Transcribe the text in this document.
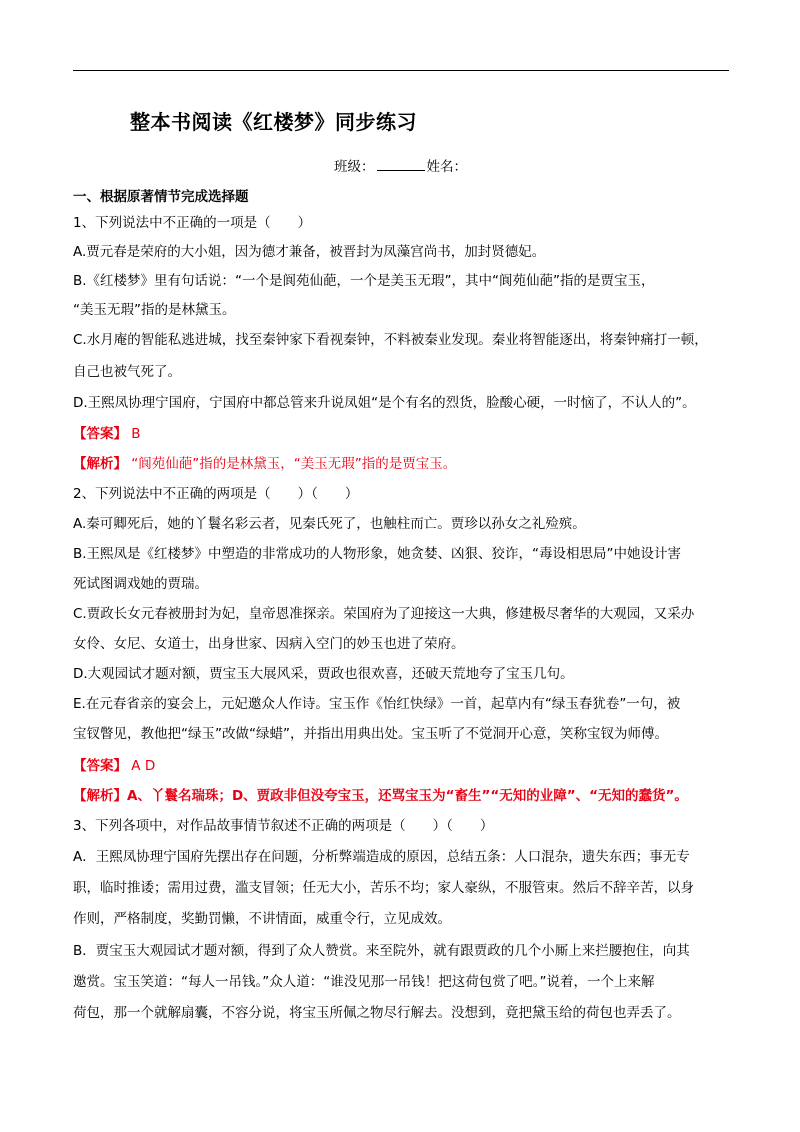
整本书阅读《红楼梦》同步练习
班级：	姓名：
一、根据原著情节完成选择题
1、下列说法中不正确的一项是（　　）
A.贾元春是荣府的大小姐，因为德才兼备，被晋封为凤藻宫尚书，加封贤德妃。
B.《红楼梦》里有句话说：“一个是阆苑仙葩，一个是美玉无瑕”，其中“阆苑仙葩”指的是贾宝玉，
“美玉无瑕”指的是林黛玉。
C.水月庵的智能私逃进城，找至秦钟家下看视秦钟，不料被秦业发现。秦业将智能逐出，将秦钟痛打一顿，
自己也被气死了。
D.王熙凤协理宁国府，宁国府中都总管来升说凤姐“是个有名的烈货，脸酸心硬，一时恼了，不认人的”。
【答案】 B
【解析】 “阆苑仙葩”指的是林黛玉，“美玉无瑕”指的是贾宝玉。
2、下列说法中不正确的两项是（　　）（　　）
A.秦可卿死后，她的丫鬟名彩云者，见秦氏死了，也触柱而亡。贾珍以孙女之礼殓殡。
B.王熙凤是《红楼梦》中塑造的非常成功的人物形象，她贪婪、凶狠、狡诈，“毒设相思局”中她设计害
死试图调戏她的贾瑞。
C.贾政长女元春被册封为妃，皇帝恩准探亲。荣国府为了迎接这一大典，修建极尽奢华的大观园，又采办
女伶、女尼、女道士，出身世家、因病入空门的妙玉也进了荣府。
D.大观园试才题对额，贾宝玉大展风采，贾政也很欢喜，还破天荒地夸了宝玉几句。
E.在元春省亲的宴会上，元妃邀众人作诗。宝玉作《怡红快绿》一首，起草内有“绿玉春犹卷”一句，被
宝钗瞥见，教他把“绿玉”改做“绿蜡”，并指出用典出处。宝玉听了不觉洞开心意，笑称宝钗为师傅。
【答案】 A D
【解析】A、丫鬟名瑞珠；D、贾政非但没夸宝玉，还骂宝玉为“畜生”“无知的业障”、“无知的蠢货”。
3、下列各项中，对作品故事情节叙述不正确的两项是（　　）（　　）
A．王熙凤协理宁国府先摆出存在问题，分析弊端造成的原因，总结五条：人口混杂，遗失东西；事无专
职，临时推诿；需用过费，滥支冒领；任无大小，苦乐不均；家人豪纵，不服管束。然后不辞辛苦，以身
作则，严格制度，奖勤罚懒，不讲情面，威重令行，立见成效。
B．贾宝玉大观园试才题对额，得到了众人赞赏。来至院外，就有跟贾政的几个小厮上来拦腰抱住，向其
邀赏。宝玉笑道：“每人一吊钱。”众人道：“谁没见那一吊钱！把这荷包赏了吧。”说着，一个上来解
荷包，那一个就解扇囊，不容分说，将宝玉所佩之物尽行解去。没想到，竟把黛玉给的荷包也弄丢了。
